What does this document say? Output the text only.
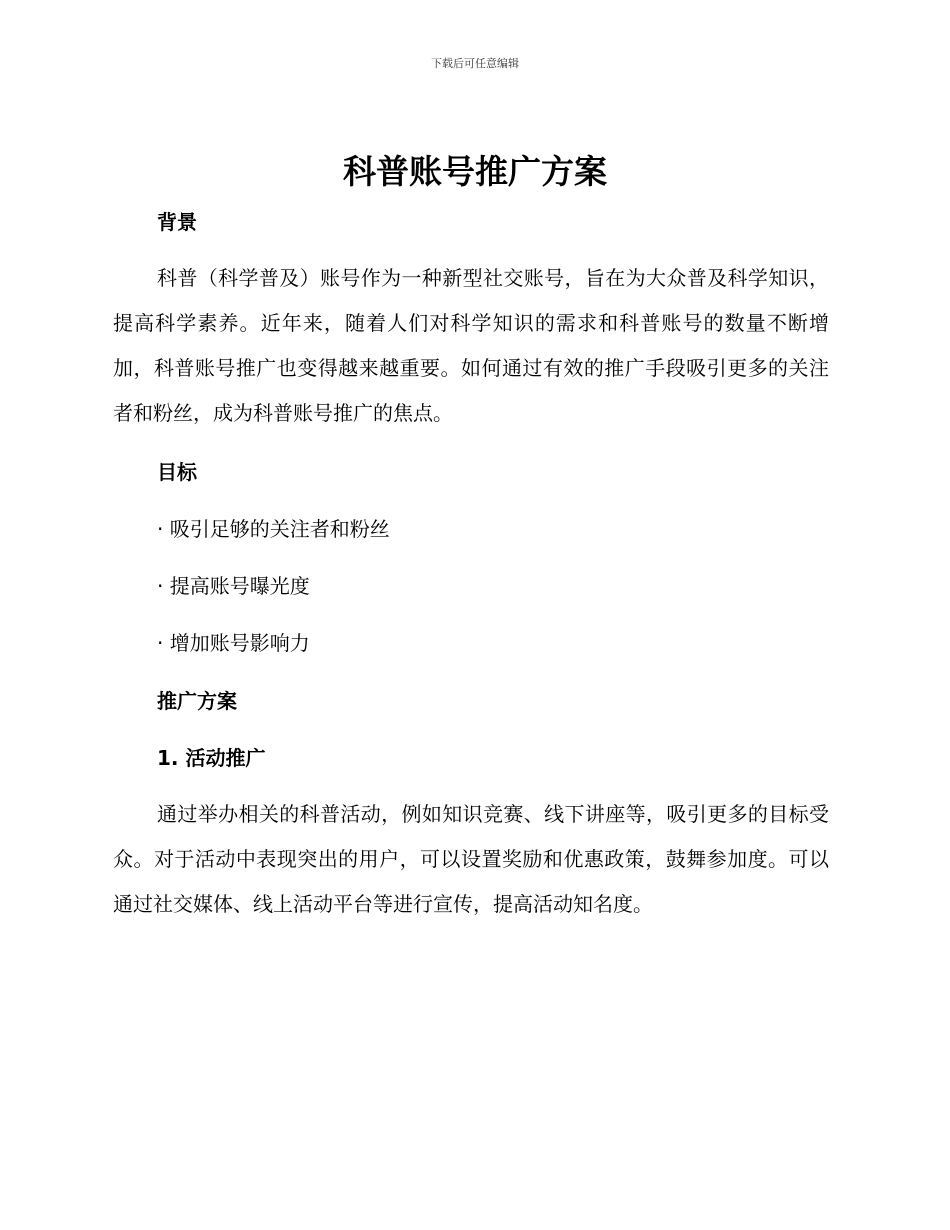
下载后可任意编辑
科普账号推广方案
背景

科普（科学普及）账号作为一种新型社交账号，旨在为大众普及科学知识，提高科学素养。近年来，随着人们对科学知识的需求和科普账号的数量不断增加，科普账号推广也变得越来越重要。如何通过有效的推广手段吸引更多的关注者和粉丝，成为科普账号推广的焦点。

目标
· 吸引足够的关注者和粉丝
· 提高账号曝光度
· 增加账号影响力
推广方案
1. 活动推广

通过举办相关的科普活动，例如知识竞赛、线下讲座等，吸引更多的目标受众。对于活动中表现突出的用户，可以设置奖励和优惠政策，鼓舞参加度。可以通过社交媒体、线上活动平台等进行宣传，提高活动知名度。
